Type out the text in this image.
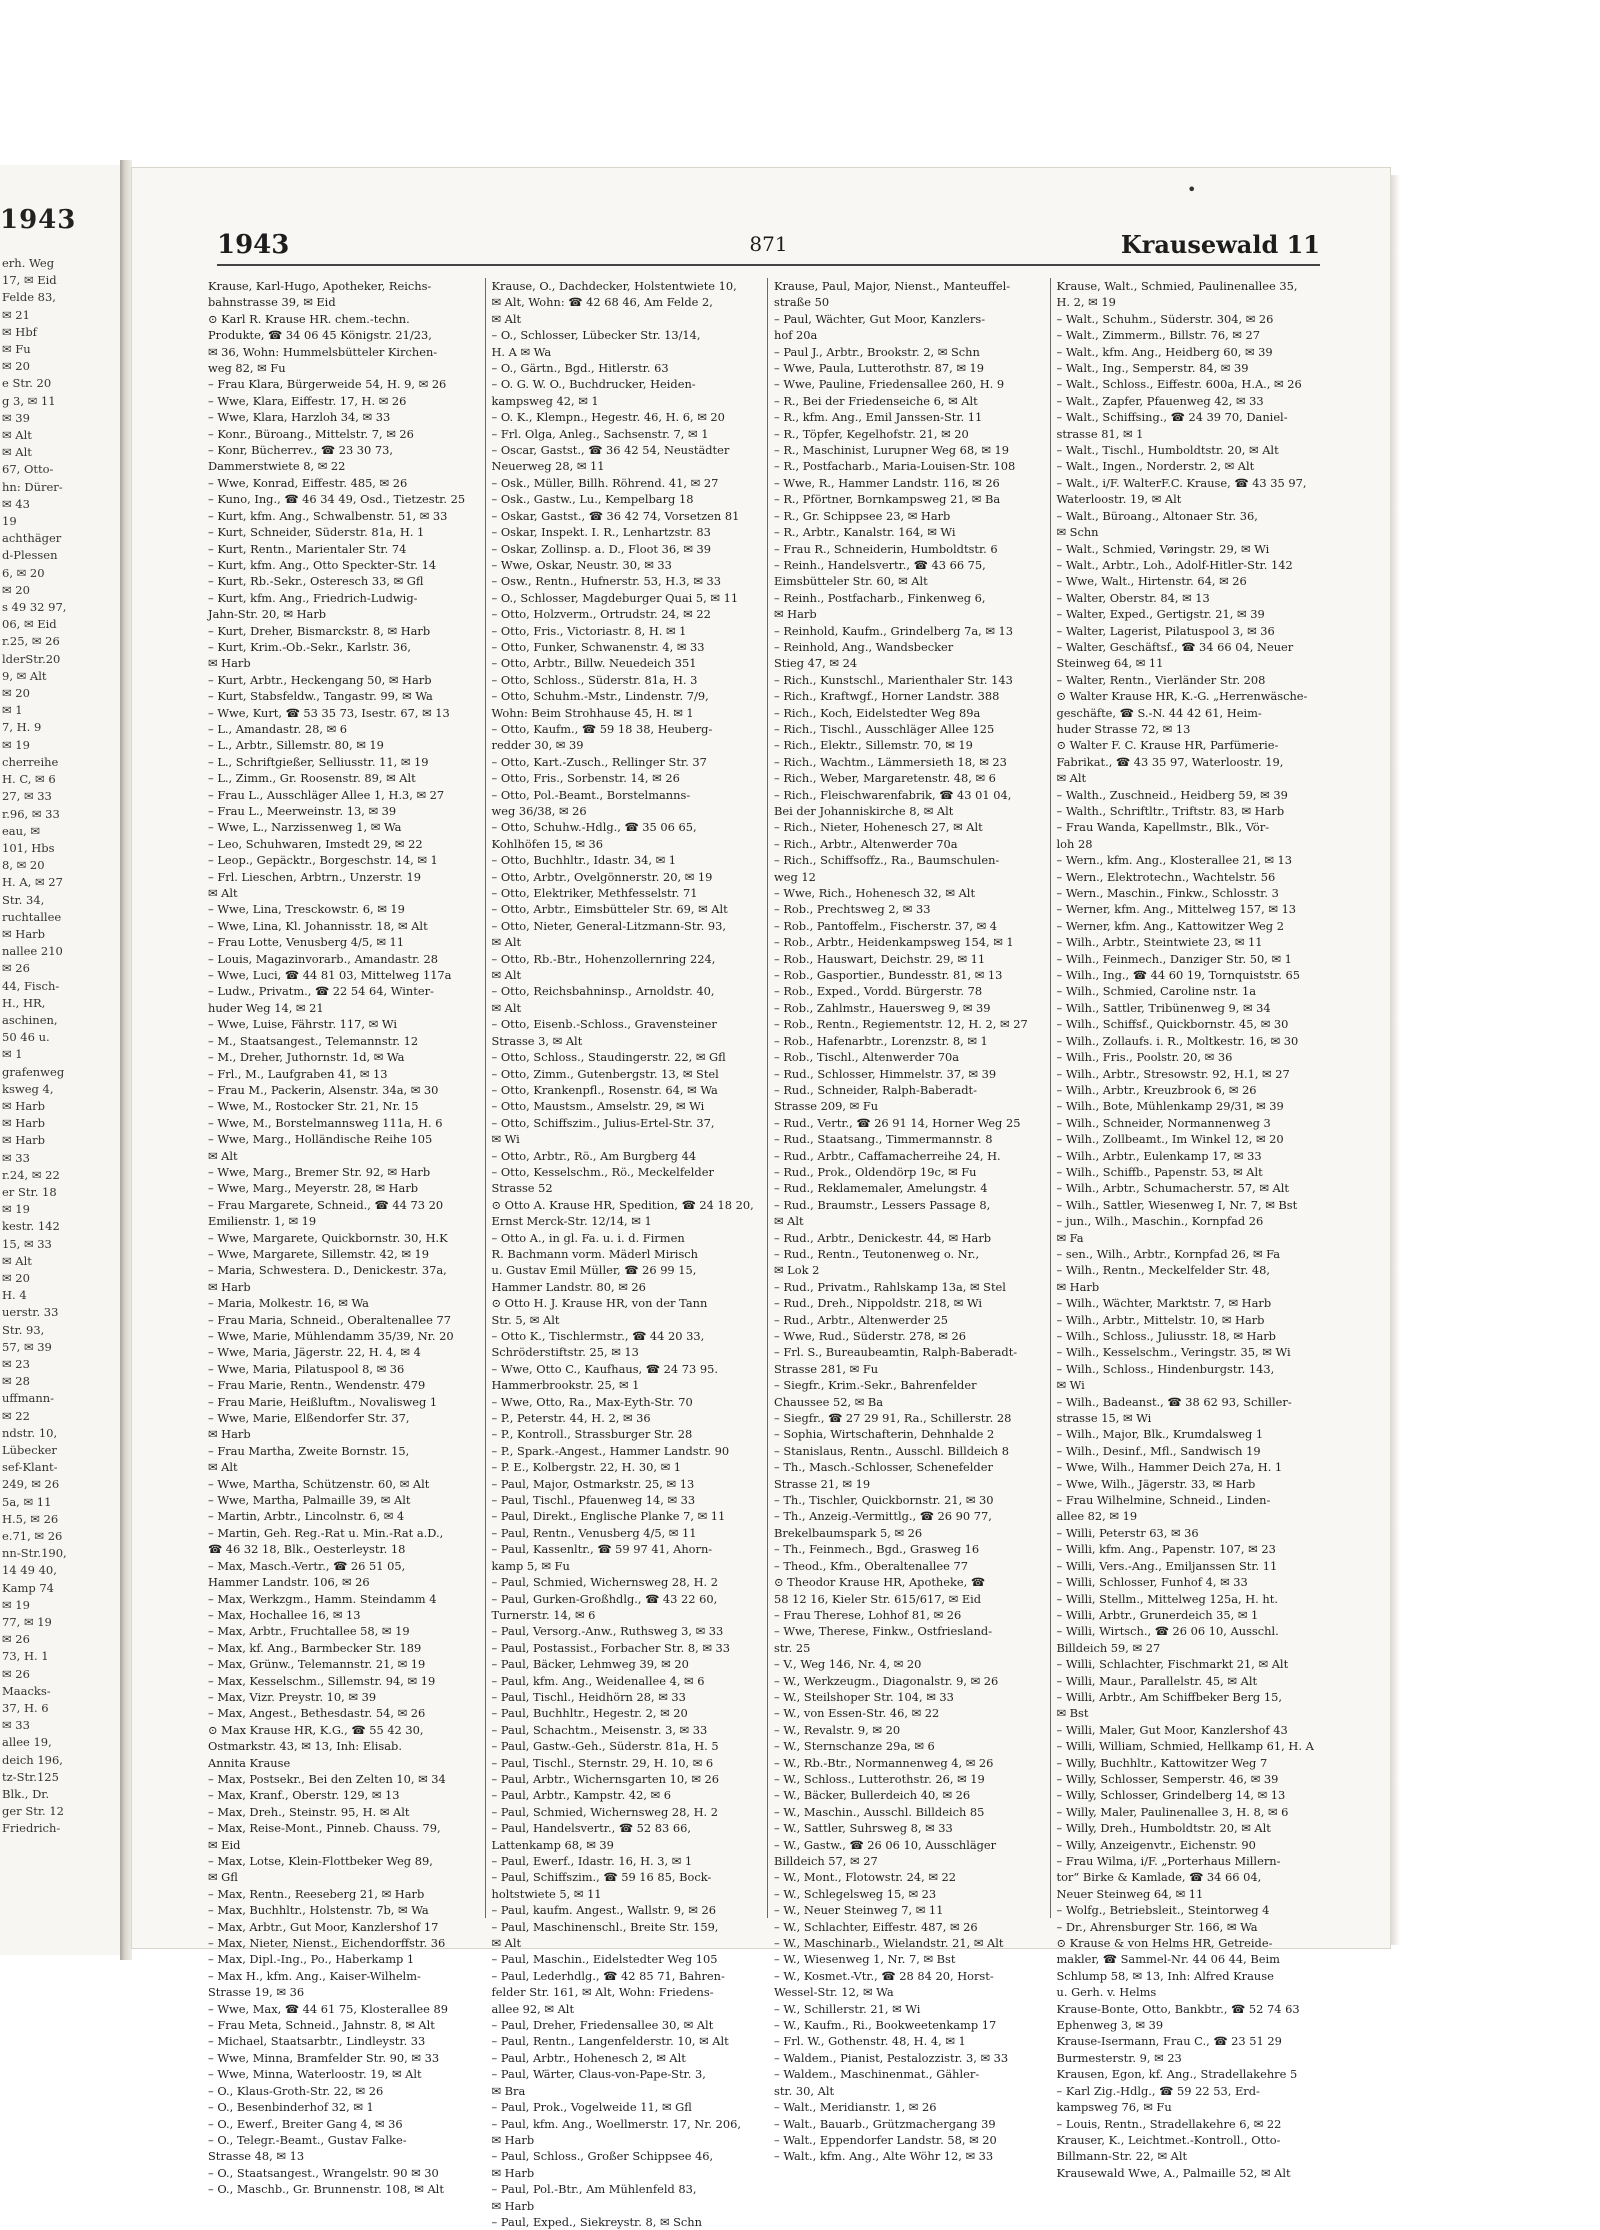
1943
erh. Weg
17, ✉ Eid
Felde 83,
✉ 21
✉ Hbf
✉ Fu
✉ 20
e Str. 20
g 3, ✉ 11
✉ 39
✉ Alt
✉ Alt
67, Otto-
hn: Dürer-
✉ 43
19
achthäger
d-Plessen
6, ✉ 20
✉ 20
s 49 32 97,
06, ✉ Eid
r.25, ✉ 26
lderStr.20
9, ✉ Alt
✉ 20
✉ 1
7, H. 9
✉ 19
cherreihe
H. C, ✉ 6
27, ✉ 33
r.96, ✉ 33
eau, ✉
101, Hbs
8, ✉ 20
H. A, ✉ 27
Str. 34,
ruchtallee
✉ Harb
nallee 210
✉ 26
44, Fisch-
H., HR,
aschinen,
50 46 u.
✉ 1
grafenweg
ksweg 4,
✉ Harb
✉ Harb
✉ Harb
✉ 33
r.24, ✉ 22
er Str. 18
✉ 19
kestr. 142
15, ✉ 33
✉ Alt
✉ 20
H. 4
uerstr. 33
Str. 93,
57, ✉ 39
✉ 23
✉ 28
uffmann-
✉ 22
ndstr. 10,
Lübecker
sef-Klant-
249, ✉ 26
5a, ✉ 11
H.5, ✉ 26
e.71, ✉ 26
nn-Str.190,
14 49 40,
Kamp 74
✉ 19
77, ✉ 19
✉ 26
73, H. 1
✉ 26
Maacks-
37, H. 6
✉ 33
allee 19,
deich 196,
tz-Str.125
Blk., Dr.
ger Str. 12
Friedrich-
•
1943	871	Krausewald 11
Krause, Karl-Hugo, Apotheker, Reichs-
bahnstrasse 39, ✉ Eid
⊙ Karl R. Krause HR. chem.-techn.
Produkte, ☎ 34 06 45 Königstr. 21/23,
✉ 36, Wohn: Hummelsbütteler Kirchen-
weg 82, ✉ Fu
– Frau Klara, Bürgerweide 54, H. 9, ✉ 26
– Wwe, Klara, Eiffestr. 17, H. ✉ 26
– Wwe, Klara, Harzloh 34, ✉ 33
– Konr., Büroang., Mittelstr. 7, ✉ 26
– Konr, Bücherrev., ☎ 23 30 73,
Dammerstwiete 8, ✉ 22
– Wwe, Konrad, Eiffestr. 485, ✉ 26
– Kuno, Ing., ☎ 46 34 49, Osd., Tietzestr. 25
– Kurt, kfm. Ang., Schwalbenstr. 51, ✉ 33
– Kurt, Schneider, Süderstr. 81a, H. 1
– Kurt, Rentn., Marientaler Str. 74
– Kurt, kfm. Ang., Otto Speckter-Str. 14
– Kurt, Rb.-Sekr., Osteresch 33, ✉ Gfl
– Kurt, kfm. Ang., Friedrich-Ludwig-
Jahn-Str. 20, ✉ Harb
– Kurt, Dreher, Bismarckstr. 8, ✉ Harb
– Kurt, Krim.-Ob.-Sekr., Karlstr. 36,
✉ Harb
– Kurt, Arbtr., Heckengang 50, ✉ Harb
– Kurt, Stabsfeldw., Tangastr. 99, ✉ Wa
– Wwe, Kurt, ☎ 53 35 73, Isestr. 67, ✉ 13
– L., Amandastr. 28, ✉ 6
– L., Arbtr., Sillemstr. 80, ✉ 19
– L., Schriftgießer, Selliusstr. 11, ✉ 19
– L., Zimm., Gr. Roosenstr. 89, ✉ Alt
– Frau L., Ausschläger Allee 1, H.3, ✉ 27
– Frau L., Meerweinstr. 13, ✉ 39
– Wwe, L., Narzissenweg 1, ✉ Wa
– Leo, Schuhwaren, Imstedt 29, ✉ 22
– Leop., Gepäcktr., Borgeschstr. 14, ✉ 1
– Frl. Lieschen, Arbtrn., Unzerstr. 19
✉ Alt
– Wwe, Lina, Tresckowstr. 6, ✉ 19
– Wwe, Lina, Kl. Johannisstr. 18, ✉ Alt
– Frau Lotte, Venusberg 4/5, ✉ 11
– Louis, Magazinvorarb., Amandastr. 28
– Wwe, Luci, ☎ 44 81 03, Mittelweg 117a
– Ludw., Privatm., ☎ 22 54 64, Winter-
huder Weg 14, ✉ 21
– Wwe, Luise, Fährstr. 117, ✉ Wi
– M., Staatsangest., Telemannstr. 12
– M., Dreher, Juthornstr. 1d, ✉ Wa
– Frl., M., Laufgraben 41, ✉ 13
– Frau M., Packerin, Alsenstr. 34a, ✉ 30
– Wwe, M., Rostocker Str. 21, Nr. 15
– Wwe, M., Borstelmannsweg 111a, H. 6
– Wwe, Marg., Holländische Reihe 105
✉ Alt
– Wwe, Marg., Bremer Str. 92, ✉ Harb
– Wwe, Marg., Meyerstr. 28, ✉ Harb
– Frau Margarete, Schneid., ☎ 44 73 20
Emilienstr. 1, ✉ 19
– Wwe, Margarete, Quickbornstr. 30, H.K
– Wwe, Margarete, Sillemstr. 42, ✉ 19
– Maria, Schwestera. D., Denickestr. 37a,
✉ Harb
– Maria, Molkestr. 16, ✉ Wa
– Frau Maria, Schneid., Oberaltenallee 77
– Wwe, Marie, Mühlendamm 35/39, Nr. 20
– Wwe, Maria, Jägerstr. 22, H. 4, ✉ 4
– Wwe, Maria, Pilatuspool 8, ✉ 36
– Frau Marie, Rentn., Wendenstr. 479
– Frau Marie, Heißluftm., Novalisweg 1
– Wwe, Marie, Elßendorfer Str. 37,
✉ Harb
– Frau Martha, Zweite Bornstr. 15,
✉ Alt
– Wwe, Martha, Schützenstr. 60, ✉ Alt
– Wwe, Martha, Palmaille 39, ✉ Alt
– Martin, Arbtr., Lincolnstr. 6, ✉ 4
– Martin, Geh. Reg.-Rat u. Min.-Rat a.D.,
☎ 46 32 18, Blk., Oesterleystr. 18
– Max, Masch.-Vertr., ☎ 26 51 05,
Hammer Landstr. 106, ✉ 26
– Max, Werkzgm., Hamm. Steindamm 4
– Max, Hochallee 16, ✉ 13
– Max, Arbtr., Fruchtallee 58, ✉ 19
– Max, kf. Ang., Barmbecker Str. 189
– Max, Grünw., Telemannstr. 21, ✉ 19
– Max, Kesselschm., Sillemstr. 94, ✉ 19
– Max, Vizr. Preystr. 10, ✉ 39
– Max, Angest., Bethesdastr. 54, ✉ 26
⊙ Max Krause HR, K.G., ☎ 55 42 30,
Ostmarkstr. 43, ✉ 13, Inh: Elisab.
Annita Krause
– Max, Postsekr., Bei den Zelten 10, ✉ 34
– Max, Kranf., Oberstr. 129, ✉ 13
– Max, Dreh., Steinstr. 95, H. ✉ Alt
– Max, Reise-Mont., Pinneb. Chauss. 79,
✉ Eid
– Max, Lotse, Klein-Flottbeker Weg 89,
✉ Gfl
– Max, Rentn., Reeseberg 21, ✉ Harb
– Max, Buchhltr., Holstenstr. 7b, ✉ Wa
– Max, Arbtr., Gut Moor, Kanzlershof 17
– Max, Nieter, Nienst., Eichendorffstr. 36
– Max, Dipl.-Ing., Po., Haberkamp 1
– Max H., kfm. Ang., Kaiser-Wilhelm-
Strasse 19, ✉ 36
– Wwe, Max, ☎ 44 61 75, Klosterallee 89
– Frau Meta, Schneid., Jahnstr. 8, ✉ Alt
– Michael, Staatsarbtr., Lindleystr. 33
– Wwe, Minna, Bramfelder Str. 90, ✉ 33
– Wwe, Minna, Waterloostr. 19, ✉ Alt
– O., Klaus-Groth-Str. 22, ✉ 26
– O., Besenbinderhof 32, ✉ 1
– O., Ewerf., Breiter Gang 4, ✉ 36
– O., Telegr.-Beamt., Gustav Falke-
Strasse 48, ✉ 13
– O., Staatsangest., Wrangelstr. 90 ✉ 30
– O., Maschb., Gr. Brunnenstr. 108, ✉ Alt
Krause, O., Dachdecker, Holstentwiete 10,
✉ Alt, Wohn: ☎ 42 68 46, Am Felde 2,
✉ Alt
– O., Schlosser, Lübecker Str. 13/14,
H. A ✉ Wa
– O., Gärtn., Bgd., Hitlerstr. 63
– O. G. W. O., Buchdrucker, Heiden-
kampsweg 42, ✉ 1
– O. K., Klempn., Hegestr. 46, H. 6, ✉ 20
– Frl. Olga, Anleg., Sachsenstr. 7, ✉ 1
– Oscar, Gastst., ☎ 36 42 54, Neustädter
Neuerweg 28, ✉ 11
– Osk., Müller, Billh. Röhrend. 41, ✉ 27
– Osk., Gastw., Lu., Kempelbarg 18
– Oskar, Gastst., ☎ 36 42 74, Vorsetzen 81
– Oskar, Inspekt. I. R., Lenhartzstr. 83
– Oskar, Zollinsp. a. D., Floot 36, ✉ 39
– Wwe, Oskar, Neustr. 30, ✉ 33
– Osw., Rentn., Hufnerstr. 53, H.3, ✉ 33
– O., Schlosser, Magdeburger Quai 5, ✉ 11
– Otto, Holzverm., Ortrudstr. 24, ✉ 22
– Otto, Fris., Victoriastr. 8, H. ✉ 1
– Otto, Funker, Schwanenstr. 4, ✉ 33
– Otto, Arbtr., Billw. Neuedeich 351
– Otto, Schloss., Süderstr. 81a, H. 3
– Otto, Schuhm.-Mstr., Lindenstr. 7/9,
Wohn: Beim Strohhause 45, H. ✉ 1
– Otto, Kaufm., ☎ 59 18 38, Heuberg-
redder 30, ✉ 39
– Otto, Kart.-Zusch., Rellinger Str. 37
– Otto, Fris., Sorbenstr. 14, ✉ 26
– Otto, Pol.-Beamt., Borstelmanns-
weg 36/38, ✉ 26
– Otto, Schuhw.-Hdlg., ☎ 35 06 65,
Kohlhöfen 15, ✉ 36
– Otto, Buchhltr., Idastr. 34, ✉ 1
– Otto, Arbtr., Ovelgönnerstr. 20, ✉ 19
– Otto, Elektriker, Methfesselstr. 71
– Otto, Arbtr., Eimsbütteler Str. 69, ✉ Alt
– Otto, Nieter, General-Litzmann-Str. 93,
✉ Alt
– Otto, Rb.-Btr., Hohenzollernring 224,
✉ Alt
– Otto, Reichsbahninsp., Arnoldstr. 40,
✉ Alt
– Otto, Eisenb.-Schloss., Gravensteiner
Strasse 3, ✉ Alt
– Otto, Schloss., Staudingerstr. 22, ✉ Gfl
– Otto, Zimm., Gutenbergstr. 13, ✉ Stel
– Otto, Krankenpfl., Rosenstr. 64, ✉ Wa
– Otto, Maustsm., Amselstr. 29, ✉ Wi
– Otto, Schiffszim., Julius-Ertel-Str. 37,
✉ Wi
– Otto, Arbtr., Rö., Am Burgberg 44
– Otto, Kesselschm., Rö., Meckelfelder
Strasse 52
⊙ Otto A. Krause HR, Spedition, ☎ 24 18 20,
Ernst Merck-Str. 12/14, ✉ 1
– Otto A., in gl. Fa. u. i. d. Firmen
R. Bachmann vorm. Mäderl Mirisch
u. Gustav Emil Müller, ☎ 26 99 15,
Hammer Landstr. 80, ✉ 26
⊙ Otto H. J. Krause HR, von der Tann
Str. 5, ✉ Alt
– Otto K., Tischlermstr., ☎ 44 20 33,
Schröderstiftstr. 25, ✉ 13
– Wwe, Otto C., Kaufhaus, ☎ 24 73 95.
Hammerbrookstr. 25, ✉ 1
– Wwe, Otto, Ra., Max-Eyth-Str. 70
– P., Peterstr. 44, H. 2, ✉ 36
– P., Kontroll., Strassburger Str. 28
– P., Spark.-Angest., Hammer Landstr. 90
– P. E., Kolbergstr. 22, H. 30, ✉ 1
– Paul, Major, Ostmarkstr. 25, ✉ 13
– Paul, Tischl., Pfauenweg 14, ✉ 33
– Paul, Direkt., Englische Planke 7, ✉ 11
– Paul, Rentn., Venusberg 4/5, ✉ 11
– Paul, Kassenltr., ☎ 59 97 41, Ahorn-
kamp 5, ✉ Fu
– Paul, Schmied, Wichernsweg 28, H. 2
– Paul, Gurken-Großhdlg., ☎ 43 22 60,
Turnerstr. 14, ✉ 6
– Paul, Versorg.-Anw., Ruthsweg 3, ✉ 33
– Paul, Postassist., Forbacher Str. 8, ✉ 33
– Paul, Bäcker, Lehmweg 39, ✉ 20
– Paul, kfm. Ang., Weidenallee 4, ✉ 6
– Paul, Tischl., Heidhörn 28, ✉ 33
– Paul, Buchhltr., Hegestr. 2, ✉ 20
– Paul, Schachtm., Meisenstr. 3, ✉ 33
– Paul, Gastw.-Geh., Süderstr. 81a, H. 5
– Paul, Tischl., Sternstr. 29, H. 10, ✉ 6
– Paul, Arbtr., Wichernsgarten 10, ✉ 26
– Paul, Arbtr., Kampstr. 42, ✉ 6
– Paul, Schmied, Wichernsweg 28, H. 2
– Paul, Handelsvertr., ☎ 52 83 66,
Lattenkamp 68, ✉ 39
– Paul, Ewerf., Idastr. 16, H. 3, ✉ 1
– Paul, Schiffszim., ☎ 59 16 85, Bock-
holtstwiete 5, ✉ 11
– Paul, kaufm. Angest., Wallstr. 9, ✉ 26
– Paul, Maschinenschl., Breite Str. 159,
✉ Alt
– Paul, Maschin., Eidelstedter Weg 105
– Paul, Lederhdlg., ☎ 42 85 71, Bahren-
felder Str. 161, ✉ Alt, Wohn: Friedens-
allee 92, ✉ Alt
– Paul, Dreher, Friedensallee 30, ✉ Alt
– Paul, Rentn., Langenfelderstr. 10, ✉ Alt
– Paul, Arbtr., Hohenesch 2, ✉ Alt
– Paul, Wärter, Claus-von-Pape-Str. 3,
✉ Bra
– Paul, Prok., Vogelweide 11, ✉ Gfl
– Paul, kfm. Ang., Woellmerstr. 17, Nr. 206,
✉ Harb
– Paul, Schloss., Großer Schippsee 46,
✉ Harb
– Paul, Pol.-Btr., Am Mühlenfeld 83,
✉ Harb
– Paul, Exped., Siekreystr. 8, ✉ Schn
Krause, Paul, Major, Nienst., Manteuffel-
straße 50
– Paul, Wächter, Gut Moor, Kanzlers-
hof 20a
– Paul J., Arbtr., Brookstr. 2, ✉ Schn
– Wwe, Paula, Lutterothstr. 87, ✉ 19
– Wwe, Pauline, Friedensallee 260, H. 9
– R., Bei der Friedenseiche 6, ✉ Alt
– R., kfm. Ang., Emil Janssen-Str. 11
– R., Töpfer, Kegelhofstr. 21, ✉ 20
– R., Maschinist, Lurupner Weg 68, ✉ 19
– R., Postfacharb., Maria-Louisen-Str. 108
– Wwe, R., Hammer Landstr. 116, ✉ 26
– R., Pförtner, Bornkampsweg 21, ✉ Ba
– R., Gr. Schippsee 23, ✉ Harb
– R., Arbtr., Kanalstr. 164, ✉ Wi
– Frau R., Schneiderin, Humboldtstr. 6
– Reinh., Handelsvertr., ☎ 43 66 75,
Eimsbütteler Str. 60, ✉ Alt
– Reinh., Postfacharb., Finkenweg 6,
✉ Harb
– Reinhold, Kaufm., Grindelberg 7a, ✉ 13
– Reinhold, Ang., Wandsbecker
Stieg 47, ✉ 24
– Rich., Kunstschl., Marienthaler Str. 143
– Rich., Kraftwgf., Horner Landstr. 388
– Rich., Koch, Eidelstedter Weg 89a
– Rich., Tischl., Ausschläger Allee 125
– Rich., Elektr., Sillemstr. 70, ✉ 19
– Rich., Wachtm., Lämmersieth 18, ✉ 23
– Rich., Weber, Margaretenstr. 48, ✉ 6
– Rich., Fleischwarenfabrik, ☎ 43 01 04,
Bei der Johanniskirche 8, ✉ Alt
– Rich., Nieter, Hohenesch 27, ✉ Alt
– Rich., Arbtr., Altenwerder 70a
– Rich., Schiffsoffz., Ra., Baumschulen-
weg 12
– Wwe, Rich., Hohenesch 32, ✉ Alt
– Rob., Prechtsweg 2, ✉ 33
– Rob., Pantoffelm., Fischerstr. 37, ✉ 4
– Rob., Arbtr., Heidenkampsweg 154, ✉ 1
– Rob., Hauswart, Deichstr. 29, ✉ 11
– Rob., Gasportier., Bundesstr. 81, ✉ 13
– Rob., Exped., Vordd. Bürgerstr. 78
– Rob., Zahlmstr., Hauersweg 9, ✉ 39
– Rob., Rentn., Regiementstr. 12, H. 2, ✉ 27
– Rob., Hafenarbtr., Lorenzstr. 8, ✉ 1
– Rob., Tischl., Altenwerder 70a
– Rud., Schlosser, Himmelstr. 37, ✉ 39
– Rud., Schneider, Ralph-Baberadt-
Strasse 209, ✉ Fu
– Rud., Vertr., ☎ 26 91 14, Horner Weg 25
– Rud., Staatsang., Timmermannstr. 8
– Rud., Arbtr., Caffamacherreihe 24, H.
– Rud., Prok., Oldendörp 19c, ✉ Fu
– Rud., Reklamemaler, Amelungstr. 4
– Rud., Braumstr., Lessers Passage 8,
✉ Alt
– Rud., Arbtr., Denickestr. 44, ✉ Harb
– Rud., Rentn., Teutonenweg o. Nr.,
✉ Lok 2
– Rud., Privatm., Rahlskamp 13a, ✉ Stel
– Rud., Dreh., Nippoldstr. 218, ✉ Wi
– Rud., Arbtr., Altenwerder 25
– Wwe, Rud., Süderstr. 278, ✉ 26
– Frl. S., Bureaubeamtin, Ralph-Baberadt-
Strasse 281, ✉ Fu
– Siegfr., Krim.-Sekr., Bahrenfelder
Chaussee 52, ✉ Ba
– Siegfr., ☎ 27 29 91, Ra., Schillerstr. 28
– Sophia, Wirtschafterin, Dehnhalde 2
– Stanislaus, Rentn., Ausschl. Billdeich 8
– Th., Masch.-Schlosser, Schenefelder
Strasse 21, ✉ 19
– Th., Tischler, Quickbornstr. 21, ✉ 30
– Th., Anzeig.-Vermittlg., ☎ 26 90 77,
Brekelbaumspark 5, ✉ 26
– Th., Feinmech., Bgd., Grasweg 16
– Theod., Kfm., Oberaltenallee 77
⊙ Theodor Krause HR, Apotheke, ☎
58 12 16, Kieler Str. 615/617, ✉ Eid
– Frau Therese, Lohhof 81, ✉ 26
– Wwe, Therese, Finkw., Ostfriesland-
str. 25
– V., Weg 146, Nr. 4, ✉ 20
– W., Werkzeugm., Diagonalstr. 9, ✉ 26
– W., Steilshoper Str. 104, ✉ 33
– W., von Essen-Str. 46, ✉ 22
– W., Revalstr. 9, ✉ 20
– W., Sternschanze 29a, ✉ 6
– W., Rb.-Btr., Normannenweg 4, ✉ 26
– W., Schloss., Lutterothstr. 26, ✉ 19
– W., Bäcker, Bullerdeich 40, ✉ 26
– W., Maschin., Ausschl. Billdeich 85
– W., Sattler, Suhrsweg 8, ✉ 33
– W., Gastw., ☎ 26 06 10, Ausschläger
Billdeich 57, ✉ 27
– W., Mont., Flotowstr. 24, ✉ 22
– W., Schlegelsweg 15, ✉ 23
– W., Neuer Steinweg 7, ✉ 11
– W., Schlachter, Eiffestr. 487, ✉ 26
– W., Maschinarb., Wielandstr. 21, ✉ Alt
– W., Wiesenweg 1, Nr. 7, ✉ Bst
– W., Kosmet.-Vtr., ☎ 28 84 20, Horst-
Wessel-Str. 12, ✉ Wa
– W., Schillerstr. 21, ✉ Wi
– W., Kaufm., Ri., Bookweetenkamp 17
– Frl. W., Gothenstr. 48, H. 4, ✉ 1
– Waldem., Pianist, Pestalozzistr. 3, ✉ 33
– Waldem., Maschinenmat., Gähler-
str. 30, Alt
– Walt., Meridianstr. 1, ✉ 26
– Walt., Bauarb., Grützmachergang 39
– Walt., Eppendorfer Landstr. 58, ✉ 20
– Walt., kfm. Ang., Alte Wöhr 12, ✉ 33
Krause, Walt., Schmied, Paulinenallee 35,
H. 2, ✉ 19
– Walt., Schuhm., Süderstr. 304, ✉ 26
– Walt., Zimmerm., Billstr. 76, ✉ 27
– Walt., kfm. Ang., Heidberg 60, ✉ 39
– Walt., Ing., Semperstr. 84, ✉ 39
– Walt., Schloss., Eiffestr. 600a, H.A., ✉ 26
– Walt., Zapfer, Pfauenweg 42, ✉ 33
– Walt., Schiffsing., ☎ 24 39 70, Daniel-
strasse 81, ✉ 1
– Walt., Tischl., Humboldtstr. 20, ✉ Alt
– Walt., Ingen., Norderstr. 2, ✉ Alt
– Walt., i/F. WalterF.C. Krause, ☎ 43 35 97,
Waterloostr. 19, ✉ Alt
– Walt., Büroang., Altonaer Str. 36,
✉ Schn
– Walt., Schmied, Vøringstr. 29, ✉ Wi
– Walt., Arbtr., Loh., Adolf-Hitler-Str. 142
– Wwe, Walt., Hirtenstr. 64, ✉ 26
– Walter, Oberstr. 84, ✉ 13
– Walter, Exped., Gertigstr. 21, ✉ 39
– Walter, Lagerist, Pilatuspool 3, ✉ 36
– Walter, Geschäftsf., ☎ 34 66 04, Neuer
Steinweg 64, ✉ 11
– Walter, Rentn., Vierländer Str. 208
⊙ Walter Krause HR, K.-G. „Herrenwäsche-
geschäfte, ☎ S.-N. 44 42 61, Heim-
huder Strasse 72, ✉ 13
⊙ Walter F. C. Krause HR, Parfümerie-
Fabrikat., ☎ 43 35 97, Waterloostr. 19,
✉ Alt
– Walth., Zuschneid., Heidberg 59, ✉ 39
– Walth., Schriftltr., Triftstr. 83, ✉ Harb
– Frau Wanda, Kapellmstr., Blk., Vör-
loh 28
– Wern., kfm. Ang., Klosterallee 21, ✉ 13
– Wern., Elektrotechn., Wachtelstr. 56
– Wern., Maschin., Finkw., Schlosstr. 3
– Werner, kfm. Ang., Mittelweg 157, ✉ 13
– Werner, kfm. Ang., Kattowitzer Weg 2
– Wilh., Arbtr., Steintwiete 23, ✉ 11
– Wilh., Feinmech., Danziger Str. 50, ✉ 1
– Wilh., Ing., ☎ 44 60 19, Tornquiststr. 65
– Wilh., Schmied, Caroline nstr. 1a
– Wilh., Sattler, Tribünenweg 9, ✉ 34
– Wilh., Schiffsf., Quickbornstr. 45, ✉ 30
– Wilh., Zollaufs. i. R., Moltkestr. 16, ✉ 30
– Wilh., Fris., Poolstr. 20, ✉ 36
– Wilh., Arbtr., Stresowstr. 92, H.1, ✉ 27
– Wilh., Arbtr., Kreuzbrook 6, ✉ 26
– Wilh., Bote, Mühlenkamp 29/31, ✉ 39
– Wilh., Schneider, Normannenweg 3
– Wilh., Zollbeamt., Im Winkel 12, ✉ 20
– Wilh., Arbtr., Eulenkamp 17, ✉ 33
– Wilh., Schiffb., Papenstr. 53, ✉ Alt
– Wilh., Arbtr., Schumacherstr. 57, ✉ Alt
– Wilh., Sattler, Wiesenweg I, Nr. 7, ✉ Bst
– jun., Wilh., Maschin., Kornpfad 26
✉ Fa
– sen., Wilh., Arbtr., Kornpfad 26, ✉ Fa
– Wilh., Rentn., Meckelfelder Str. 48,
✉ Harb
– Wilh., Wächter, Marktstr. 7, ✉ Harb
– Wilh., Arbtr., Mittelstr. 10, ✉ Harb
– Wilh., Schloss., Juliusstr. 18, ✉ Harb
– Wilh., Kesselschm., Veringstr. 35, ✉ Wi
– Wilh., Schloss., Hindenburgstr. 143,
✉ Wi
– Wilh., Badeanst., ☎ 38 62 93, Schiller-
strasse 15, ✉ Wi
– Wilh., Major, Blk., Krumdalsweg 1
– Wilh., Desinf., Mfl., Sandwisch 19
– Wwe, Wilh., Hammer Deich 27a, H. 1
– Wwe, Wilh., Jägerstr. 33, ✉ Harb
– Frau Wilhelmine, Schneid., Linden-
allee 82, ✉ 19
– Willi, Peterstr 63, ✉ 36
– Willi, kfm. Ang., Papenstr. 107, ✉ 23
– Willi, Vers.-Ang., Emiljanssen Str. 11
– Willi, Schlosser, Funhof 4, ✉ 33
– Willi, Stellm., Mittelweg 125a, H. ht.
– Willi, Arbtr., Grunerdeich 35, ✉ 1
– Willi, Wirtsch., ☎ 26 06 10, Ausschl.
Billdeich 59, ✉ 27
– Willi, Schlachter, Fischmarkt 21, ✉ Alt
– Willi, Maur., Parallelstr. 45, ✉ Alt
– Willi, Arbtr., Am Schiffbeker Berg 15,
✉ Bst
– Willi, Maler, Gut Moor, Kanzlershof 43
– Willi, William, Schmied, Hellkamp 61, H. A
– Willy, Buchhltr., Kattowitzer Weg 7
– Willy, Schlosser, Semperstr. 46, ✉ 39
– Willy, Schlosser, Grindelberg 14, ✉ 13
– Willy, Maler, Paulinenallee 3, H. 8, ✉ 6
– Willy, Dreh., Humboldtstr. 20, ✉ Alt
– Willy, Anzeigenvtr., Eichenstr. 90
– Frau Wilma, i/F. „Porterhaus Millern-
tor“ Birke & Kamlade, ☎ 34 66 04,
Neuer Steinweg 64, ✉ 11
– Wolfg., Betriebsleit., Steintorweg 4
– Dr., Ahrensburger Str. 166, ✉ Wa
⊙ Krause & von Helms HR, Getreide-
makler, ☎ Sammel-Nr. 44 06 44, Beim
Schlump 58, ✉ 13, Inh: Alfred Krause
u. Gerh. v. Helms
Krause-Bonte, Otto, Bankbtr., ☎ 52 74 63
Ephenweg 3, ✉ 39
Krause-Isermann, Frau C., ☎ 23 51 29
Burmesterstr. 9, ✉ 23
Krausen, Egon, kf. Ang., Stradellakehre 5
– Karl Zig.-Hdlg., ☎ 59 22 53, Erd-
kampsweg 76, ✉ Fu
– Louis, Rentn., Stradellakehre 6, ✉ 22
Krauser, K., Leichtmet.-Kontroll., Otto-
Billmann-Str. 22, ✉ Alt
Krausewald Wwe, A., Palmaille 52, ✉ Alt
